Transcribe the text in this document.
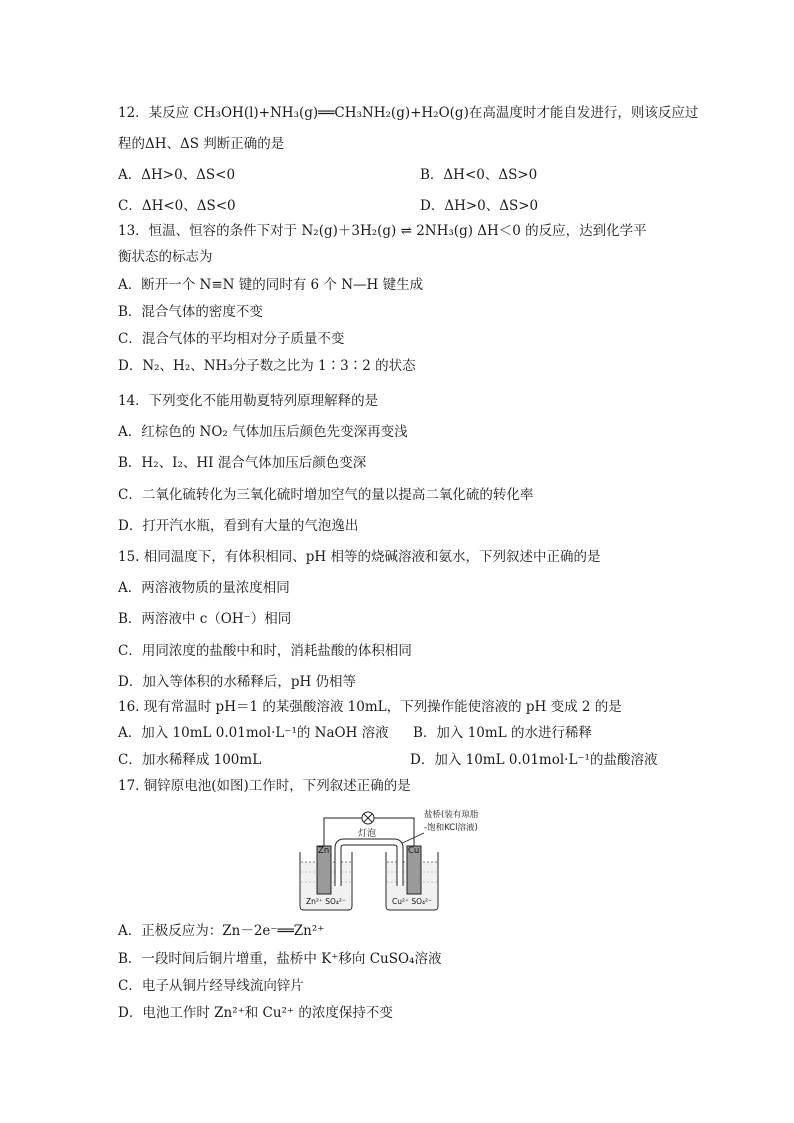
12．某反应 CH₃OH(l)+NH₃(g)══CH₃NH₂(g)+H₂O(g)在高温度时才能自发进行，则该反应过
程的ΔH、ΔS 判断正确的是
A．ΔH>0、ΔS<0	B．ΔH<0、ΔS>0
C．ΔH<0、ΔS<0	D．ΔH>0、ΔS>0
13．恒温、恒容的条件下对于 N₂(g)＋3H₂(g) ⇌ 2NH₃(g) ΔH＜0 的反应，达到化学平
衡状态的标志为
A．断开一个 N≡N 键的同时有 6 个 N—H 键生成
B．混合气体的密度不变
C．混合气体的平均相对分子质量不变
D．N₂、H₂、NH₃分子数之比为 1∶3∶2 的状态
14．下列变化不能用勒夏特列原理解释的是
A．红棕色的 NO₂ 气体加压后颜色先变深再变浅
B．H₂、I₂、HI 混合气体加压后颜色变深
C．二氧化硫转化为三氧化硫时增加空气的量以提高二氧化硫的转化率
D．打开汽水瓶，看到有大量的气泡逸出
15. 相同温度下，有体积相同、pH 相等的烧碱溶液和氨水，下列叙述中正确的是
A．两溶液物质的量浓度相同
B．两溶液中 c（OH⁻）相同
C．用同浓度的盐酸中和时，消耗盐酸的体积相同
D．加入等体积的水稀释后，pH 仍相等
16. 现有常温时 pH＝1 的某强酸溶液 10mL，下列操作能使溶液的 pH 变成 2 的是
A．加入 10mL 0.01mol·L⁻¹的 NaOH 溶液 B．加入 10mL 的水进行稀释
C．加水稀释成 100mL	D．加入 10mL 0.01mol·L⁻¹的盐酸溶液
17. 铜锌原电池(如图)工作时，下列叙述正确的是
灯泡
盐桥(装有琼脂
-饱和KCl溶液)
Zn	Cu
Zn²⁺ SO₄²⁻	Cu²⁺ SO₄²⁻
A．正极反应为：Zn－2e⁻══Zn²⁺
B．一段时间后铜片增重，盐桥中 K⁺移向 CuSO₄溶液
C．电子从铜片经导线流向锌片
D．电池工作时 Zn²⁺和 Cu²⁺ 的浓度保持不变
